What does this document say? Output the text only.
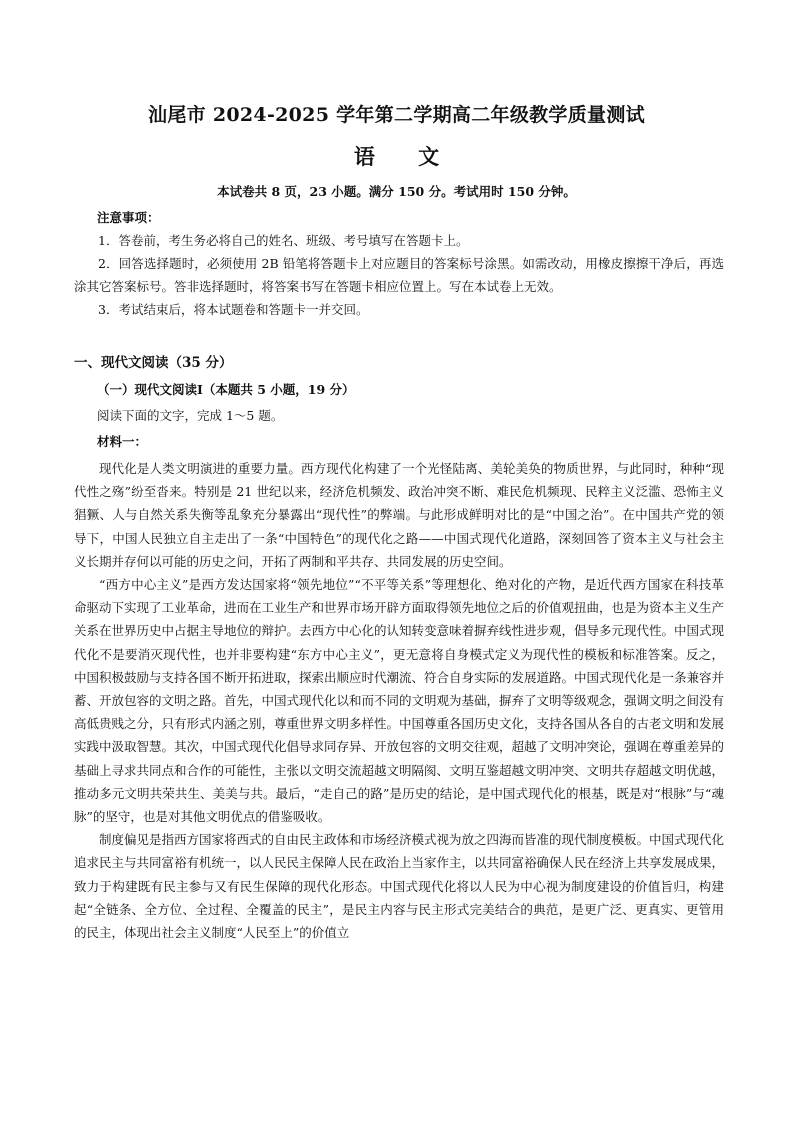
汕尾市 2024-2025 学年第二学期高二年级教学质量测试
语 文
本试卷共 8 页，23 小题。满分 150 分。考试用时 150 分钟。
注意事项：

1．答卷前，考生务必将自己的姓名、班级、考号填写在答题卡上。

2．回答选择题时，必须使用 2B 铅笔将答题卡上对应题目的答案标号涂黑。如需改动，用橡皮擦擦干净后，再选涂其它答案标号。答非选择题时，将答案书写在答题卡相应位置上。写在本试卷上无效。

3．考试结束后，将本试题卷和答题卡一并交回。

一、现代文阅读（35 分）
（一）现代文阅读Ⅰ（本题共 5 小题，19 分）
阅读下面的文字，完成 1～5 题。
材料一：

现代化是人类文明演进的重要力量。西方现代化构建了一个光怪陆离、美轮美奂的物质世界，与此同时，种种“现代性之殇”纷至沓来。特别是 21 世纪以来，经济危机频发、政治冲突不断、难民危机频现、民粹主义泛滥、恐怖主义猖獗、人与自然关系失衡等乱象充分暴露出“现代性”的弊端。与此形成鲜明对比的是“中国之治”。在中国共产党的领导下，中国人民独立自主走出了一条“中国特色”的现代化之路——中国式现代化道路，深刻回答了资本主义与社会主义长期并存何以可能的历史之问，开拓了两制和平共存、共同发展的历史空间。

“西方中心主义”是西方发达国家将“领先地位”“不平等关系”等理想化、绝对化的产物，是近代西方国家在科技革命驱动下实现了工业革命，进而在工业生产和世界市场开辟方面取得领先地位之后的价值观扭曲，也是为资本主义生产关系在世界历史中占据主导地位的辩护。去西方中心化的认知转变意味着摒弃线性进步观，倡导多元现代性。中国式现代化不是要消灭现代性，也并非要构建“东方中心主义”，更无意将自身模式定义为现代性的模板和标准答案。反之，中国积极鼓励与支持各国不断开拓进取，探索出顺应时代潮流、符合自身实际的发展道路。中国式现代化是一条兼容并蓄、开放包容的文明之路。首先，中国式现代化以和而不同的文明观为基础，摒弃了文明等级观念，强调文明之间没有高低贵贱之分，只有形式内涵之别，尊重世界文明多样性。中国尊重各国历史文化，支持各国从各自的古老文明和发展实践中汲取智慧。其次，中国式现代化倡导求同存异、开放包容的文明交往观，超越了文明冲突论，强调在尊重差异的基础上寻求共同点和合作的可能性，主张以文明交流超越文明隔阂、文明互鉴超越文明冲突、文明共存超越文明优越，推动多元文明共荣共生、美美与共。最后，“走自己的路”是历史的结论，是中国式现代化的根基，既是对“根脉”与“魂脉”的坚守，也是对其他文明优点的借鉴吸收。

制度偏见是指西方国家将西式的自由民主政体和市场经济模式视为放之四海而皆准的现代制度模板。中国式现代化追求民主与共同富裕有机统一，以人民民主保障人民在政治上当家作主，以共同富裕确保人民在经济上共享发展成果，致力于构建既有民主参与又有民生保障的现代化形态。中国式现代化将以人民为中心视为制度建设的价值旨归，构建起“全链条、全方位、全过程、全覆盖的民主”，是民主内容与民主形式完美结合的典范，是更广泛、更真实、更管用的民主，体现出社会主义制度“人民至上”的价值立
